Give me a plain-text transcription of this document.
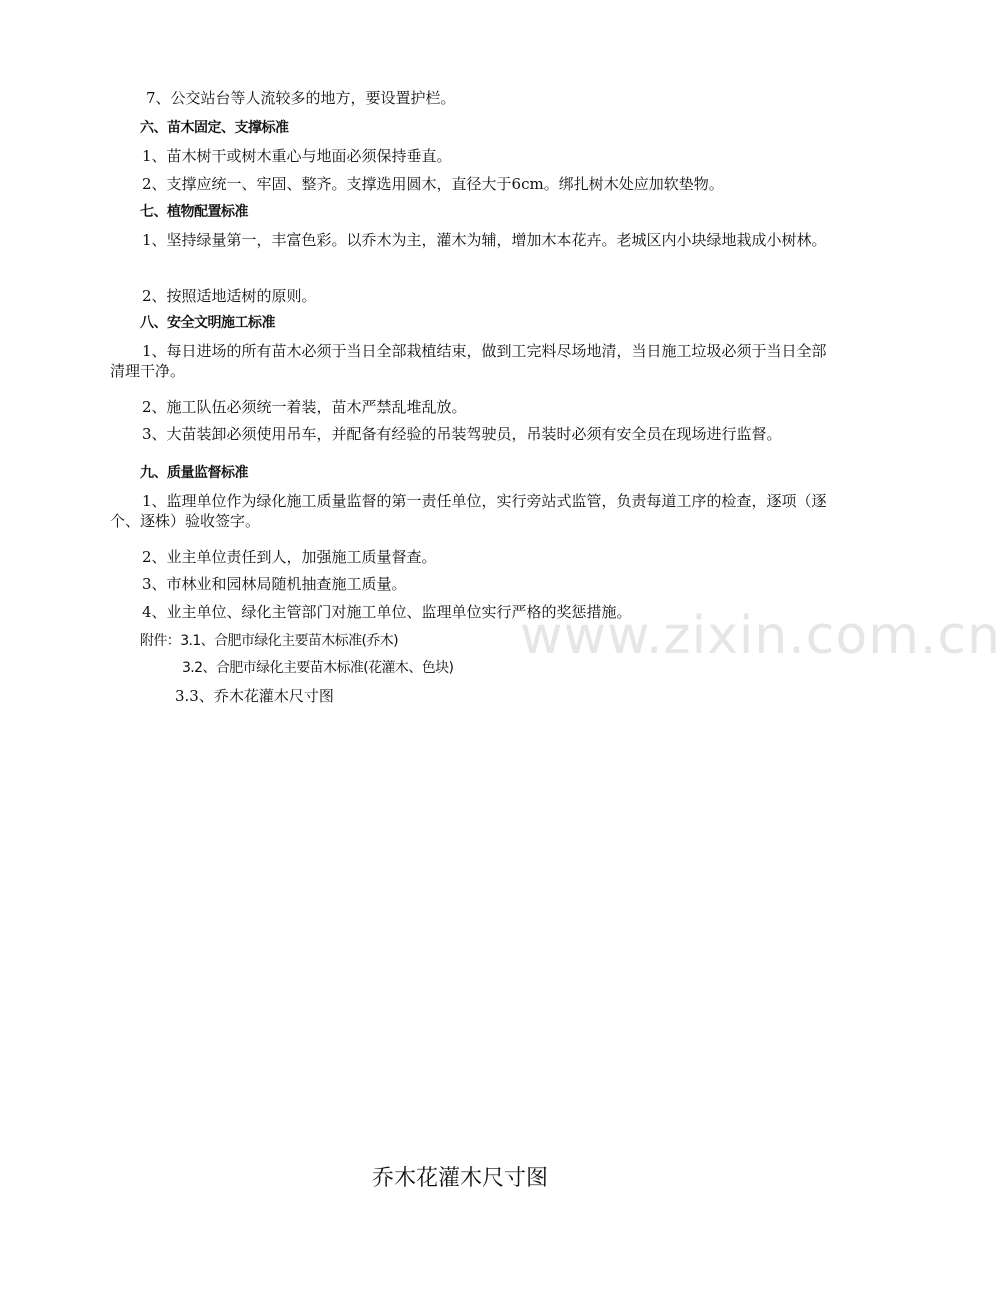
www.zixin.com.cn
7、公交站台等人流较多的地方，要设置护栏。
六、苗木固定、支撑标准
1、苗木树干或树木重心与地面必须保持垂直。
2、支撑应统一、牢固、整齐。支撑选用圆木，直径大于6cm。绑扎树木处应加软垫物。
七、植物配置标准
1、坚持绿量第一，丰富色彩。以乔木为主，灌木为辅，增加木本花卉。老城区内小块绿地栽成小树林。
2、按照适地适树的原则。
八、安全文明施工标准
1、每日进场的所有苗木必须于当日全部栽植结束，做到工完料尽场地清，当日施工垃圾必须于当日全部清理干净。
2、施工队伍必须统一着装，苗木严禁乱堆乱放。
3、大苗装卸必须使用吊车，并配备有经验的吊装驾驶员，吊装时必须有安全员在现场进行监督。
九、质量监督标准
1、监理单位作为绿化施工质量监督的第一责任单位，实行旁站式监管，负责每道工序的检查，逐项（逐个、逐株）验收签字。
2、业主单位责任到人，加强施工质量督查。
3、市林业和园林局随机抽查施工质量。
4、业主单位、绿化主管部门对施工单位、监理单位实行严格的奖惩措施。
附件：3.1、合肥市绿化主要苗木标准(乔木)
3.2、合肥市绿化主要苗木标准(花灌木、色块)
3.3、乔木花灌木尺寸图
乔木花灌木尺寸图
